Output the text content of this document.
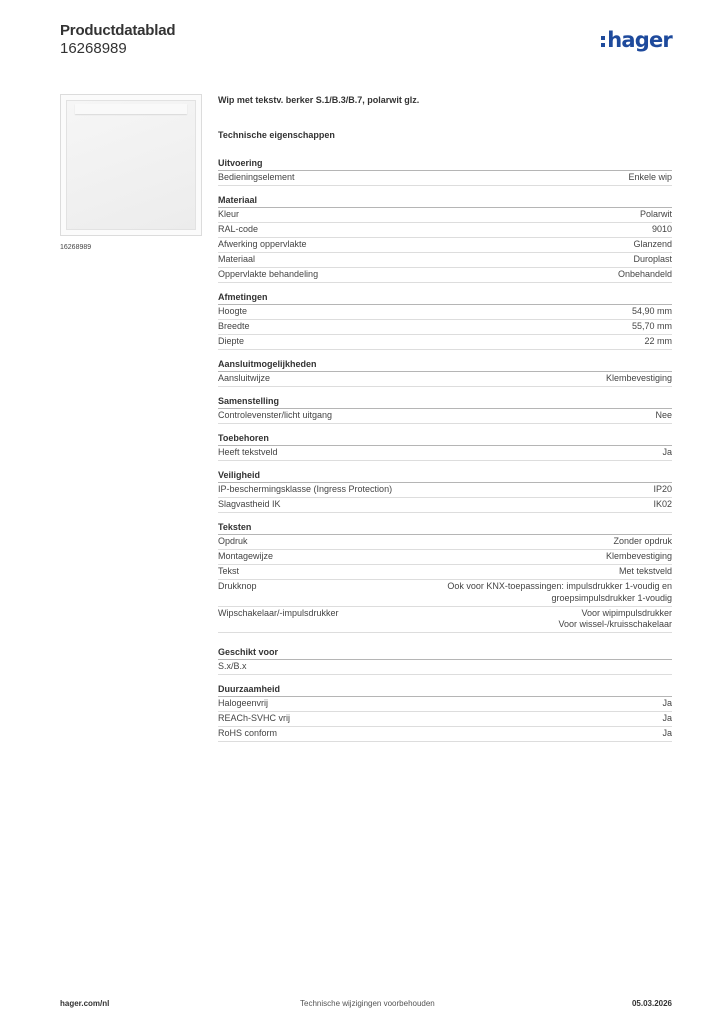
Productdatablad
16268989	hager
16268989
Wip met tekstv. berker S.1/B.3/B.7, polarwit glz.
Technische eigenschappen
Uitvoering
Bedieningselement	Enkele wip
Materiaal
Kleur	Polarwit
RAL-code	9010
Afwerking oppervlakte	Glanzend
Materiaal	Duroplast
Oppervlakte behandeling	Onbehandeld
Afmetingen
Hoogte	54,90 mm
Breedte	55,70 mm
Diepte	22 mm
Aansluitmogelijkheden
Aansluitwijze	Klembevestiging
Samenstelling
Controlevenster/licht uitgang	Nee
Toebehoren
Heeft tekstveld	Ja
Veiligheid
IP-beschermingsklasse (Ingress Protection)	IP20
Slagvastheid IK	IK02
Teksten
Opdruk	Zonder opdruk
Montagewijze	Klembevestiging
Tekst	Met tekstveld
Drukknop	Ook voor KNX-toepassingen: impulsdrukker 1-voudig en
groepsimpulsdrukker 1-voudig
Wipschakelaar/-impulsdrukker	Voor wipimpulsdrukker
Voor wissel-/kruisschakelaar
Geschikt voor
S.x/B.x
Duurzaamheid
Halogeenvrij	Ja
REACh-SVHC vrij	Ja
RoHS conform	Ja
hager.com/nl	Technische wijzigingen voorbehouden	05.03.2026
